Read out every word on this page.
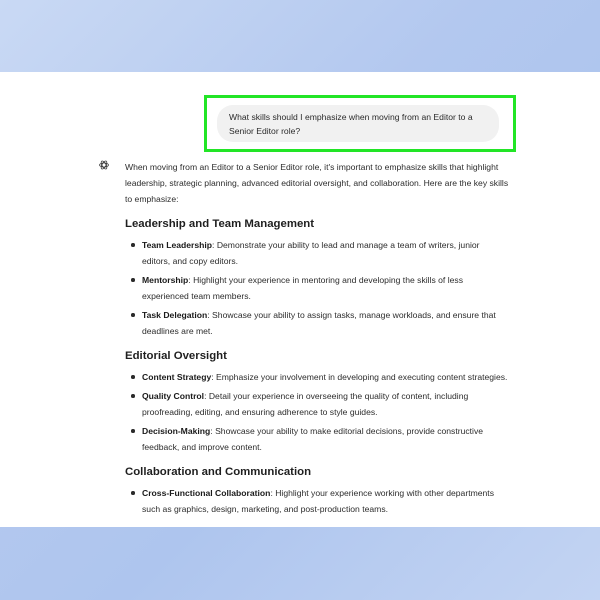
What skills should I emphasize when moving from an Editor to a Senior Editor role?

When moving from an Editor to a Senior Editor role, it's important to emphasize skills that highlight leadership, strategic planning, advanced editorial oversight, and collaboration. Here are the key skills to emphasize:

Leadership and Team Management
Team Leadership: Demonstrate your ability to lead and manage a team of writers, junior editors, and copy editors.
Mentorship: Highlight your experience in mentoring and developing the skills of less experienced team members.
Task Delegation: Showcase your ability to assign tasks, manage workloads, and ensure that deadlines are met.
Editorial Oversight
Content Strategy: Emphasize your involvement in developing and executing content strategies.
Quality Control: Detail your experience in overseeing the quality of content, including proofreading, editing, and ensuring adherence to style guides.
Decision-Making: Showcase your ability to make editorial decisions, provide constructive feedback, and improve content.
Collaboration and Communication
Cross-Functional Collaboration: Highlight your experience working with other departments such as graphics, design, marketing, and post-production teams.
